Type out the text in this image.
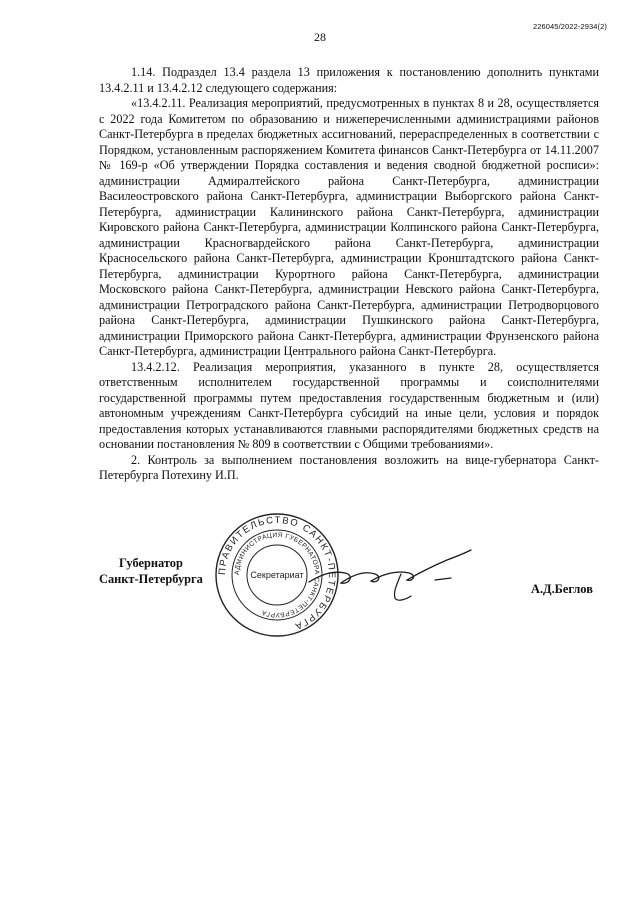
226045/2022-2934(2)
28

1.14. Подраздел 13.4 раздела 13 приложения к постановлению дополнить пунктами 13.4.2.11 и 13.4.2.12 следующего содержания:

«13.4.2.11. Реализация мероприятий, предусмотренных в пунктах 8 и 28, осуществляется с 2022 года Комитетом по образованию и нижеперечисленными администрациями районов Санкт-Петербурга в пределах бюджетных ассигнований, перераспределенных в соответствии с Порядком, установленным распоряжением Комитета финансов Санкт-Петербурга от 14.11.2007 № 169-р «Об утверждении Порядка составления и ведения сводной бюджетной росписи»: администрации Адмиралтейского района Санкт-Петербурга, администрации Василеостровского района Санкт-Петербурга, администрации Выборгского района Санкт-Петербурга, администрации Калининского района Санкт-Петербурга, администрации Кировского района Санкт-Петербурга, администрации Колпинского района Санкт-Петербурга, администрации Красногвардейского района Санкт-Петербурга, администрации Красносельского района Санкт-Петербурга, администрации Кронштадтского района Санкт-Петербурга, администрации Курортного района Санкт-Петербурга, администрации Московского района Санкт-Петербурга, администрации Невского района Санкт-Петербурга, администрации Петроградского района Санкт-Петербурга, администрации Петродворцового района Санкт-Петербурга, администрации Пушкинского района Санкт-Петербурга, администрации Приморского района Санкт-Петербурга, администрации Фрунзенского района Санкт-Петербурга, администрации Центрального района Санкт-Петербурга.

13.4.2.12. Реализация мероприятия, указанного в пункте 28, осуществляется ответственным исполнителем государственной программы и соисполнителями государственной программы путем предоставления государственным бюджетным и (или) автономным учреждениям Санкт-Петербурга субсидий на иные цели, условия и порядок предоставления которых устанавливаются главными распорядителями бюджетных средств на основании постановления № 809 в соответствии с Общими требованиями».

2. Контроль за выполнением постановления возложить на вице-губернатора Санкт-Петербурга Потехину И.П.

Губернатор
Санкт-Петербурга
ПРАВИТЕЛЬСТВО САНКТ-ПЕТЕРБУРГА
АДМИНИСТРАЦИЯ ГУБЕРНАТОРА САНКТ-ПЕТЕРБУРГА
Секретариат
А.Д.Беглов
